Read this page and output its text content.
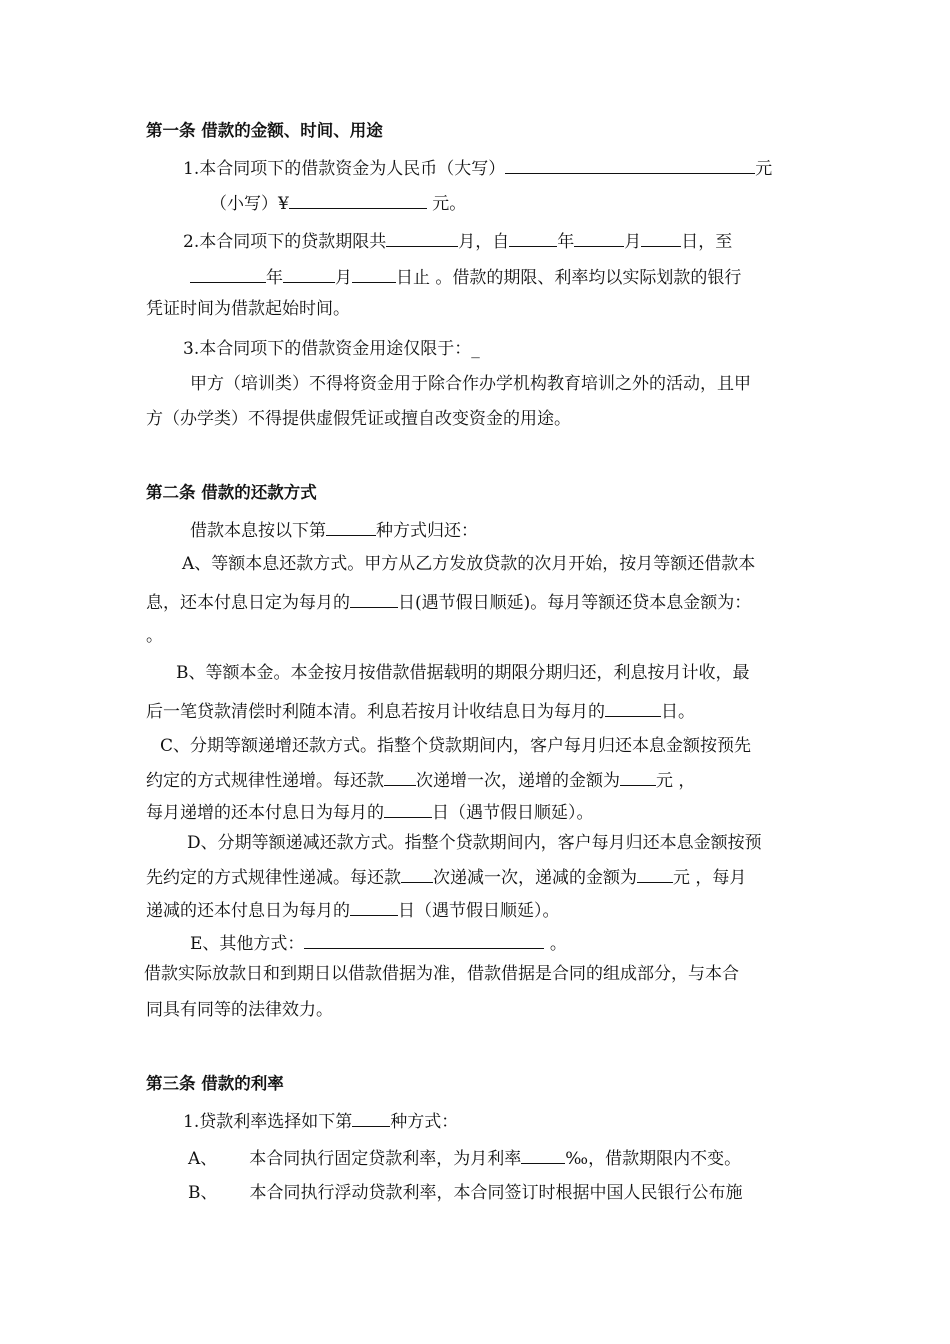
第一条 借款的金额、时间、用途
1.本合同项下的借款资金为人民币（大写）	元
（小写）¥	元。
2.本合同项下的贷款期限共	月，自	年	月 日，至
年	月	日止 。借款的期限、利率均以实际划款的银行
凭证时间为借款起始时间。
3.本合同项下的借款资金用途仅限于：_
甲方（培训类）不得将资金用于除合作办学机构教育培训之外的活动，且甲
方（办学类）不得提供虚假凭证或擅自改变资金的用途。
第二条 借款的还款方式
借款本息按以下第	种方式归还：
A、等额本息还款方式。甲方从乙方发放贷款的次月开始，按月等额还借款本
息，还本付息日定为每月的	日(遇节假日顺延)。每月等额还贷本息金额为：
。
B、等额本金。本金按月按借款借据载明的期限分期归还，利息按月计收，最
后一笔贷款清偿时利随本清。利息若按月计收结息日为每月的	日。
C、分期等额递增还款方式。指整个贷款期间内，客户每月归还本息金额按预先
约定的方式规律性递增。每还款 次递增一次，递增的金额为 元 ，
每月递增的还本付息日为每月的	日（遇节假日顺延）。
D、分期等额递减还款方式。指整个贷款期间内，客户每月归还本息金额按预
先约定的方式规律性递减。每还款 次递减一次，递减的金额为 元 ，每月
递减的还本付息日为每月的	日（遇节假日顺延）。
E、其他方式：	。
借款实际放款日和到期日以借款借据为准，借款借据是合同的组成部分，与本合
同具有同等的法律效力。
第三条 借款的利率
1.贷款利率选择如下第 种方式：
A、 本合同执行固定贷款利率，为月利率	‰，借款期限内不变。
B、 本合同执行浮动贷款利率，本合同签订时根据中国人民银行公布施
